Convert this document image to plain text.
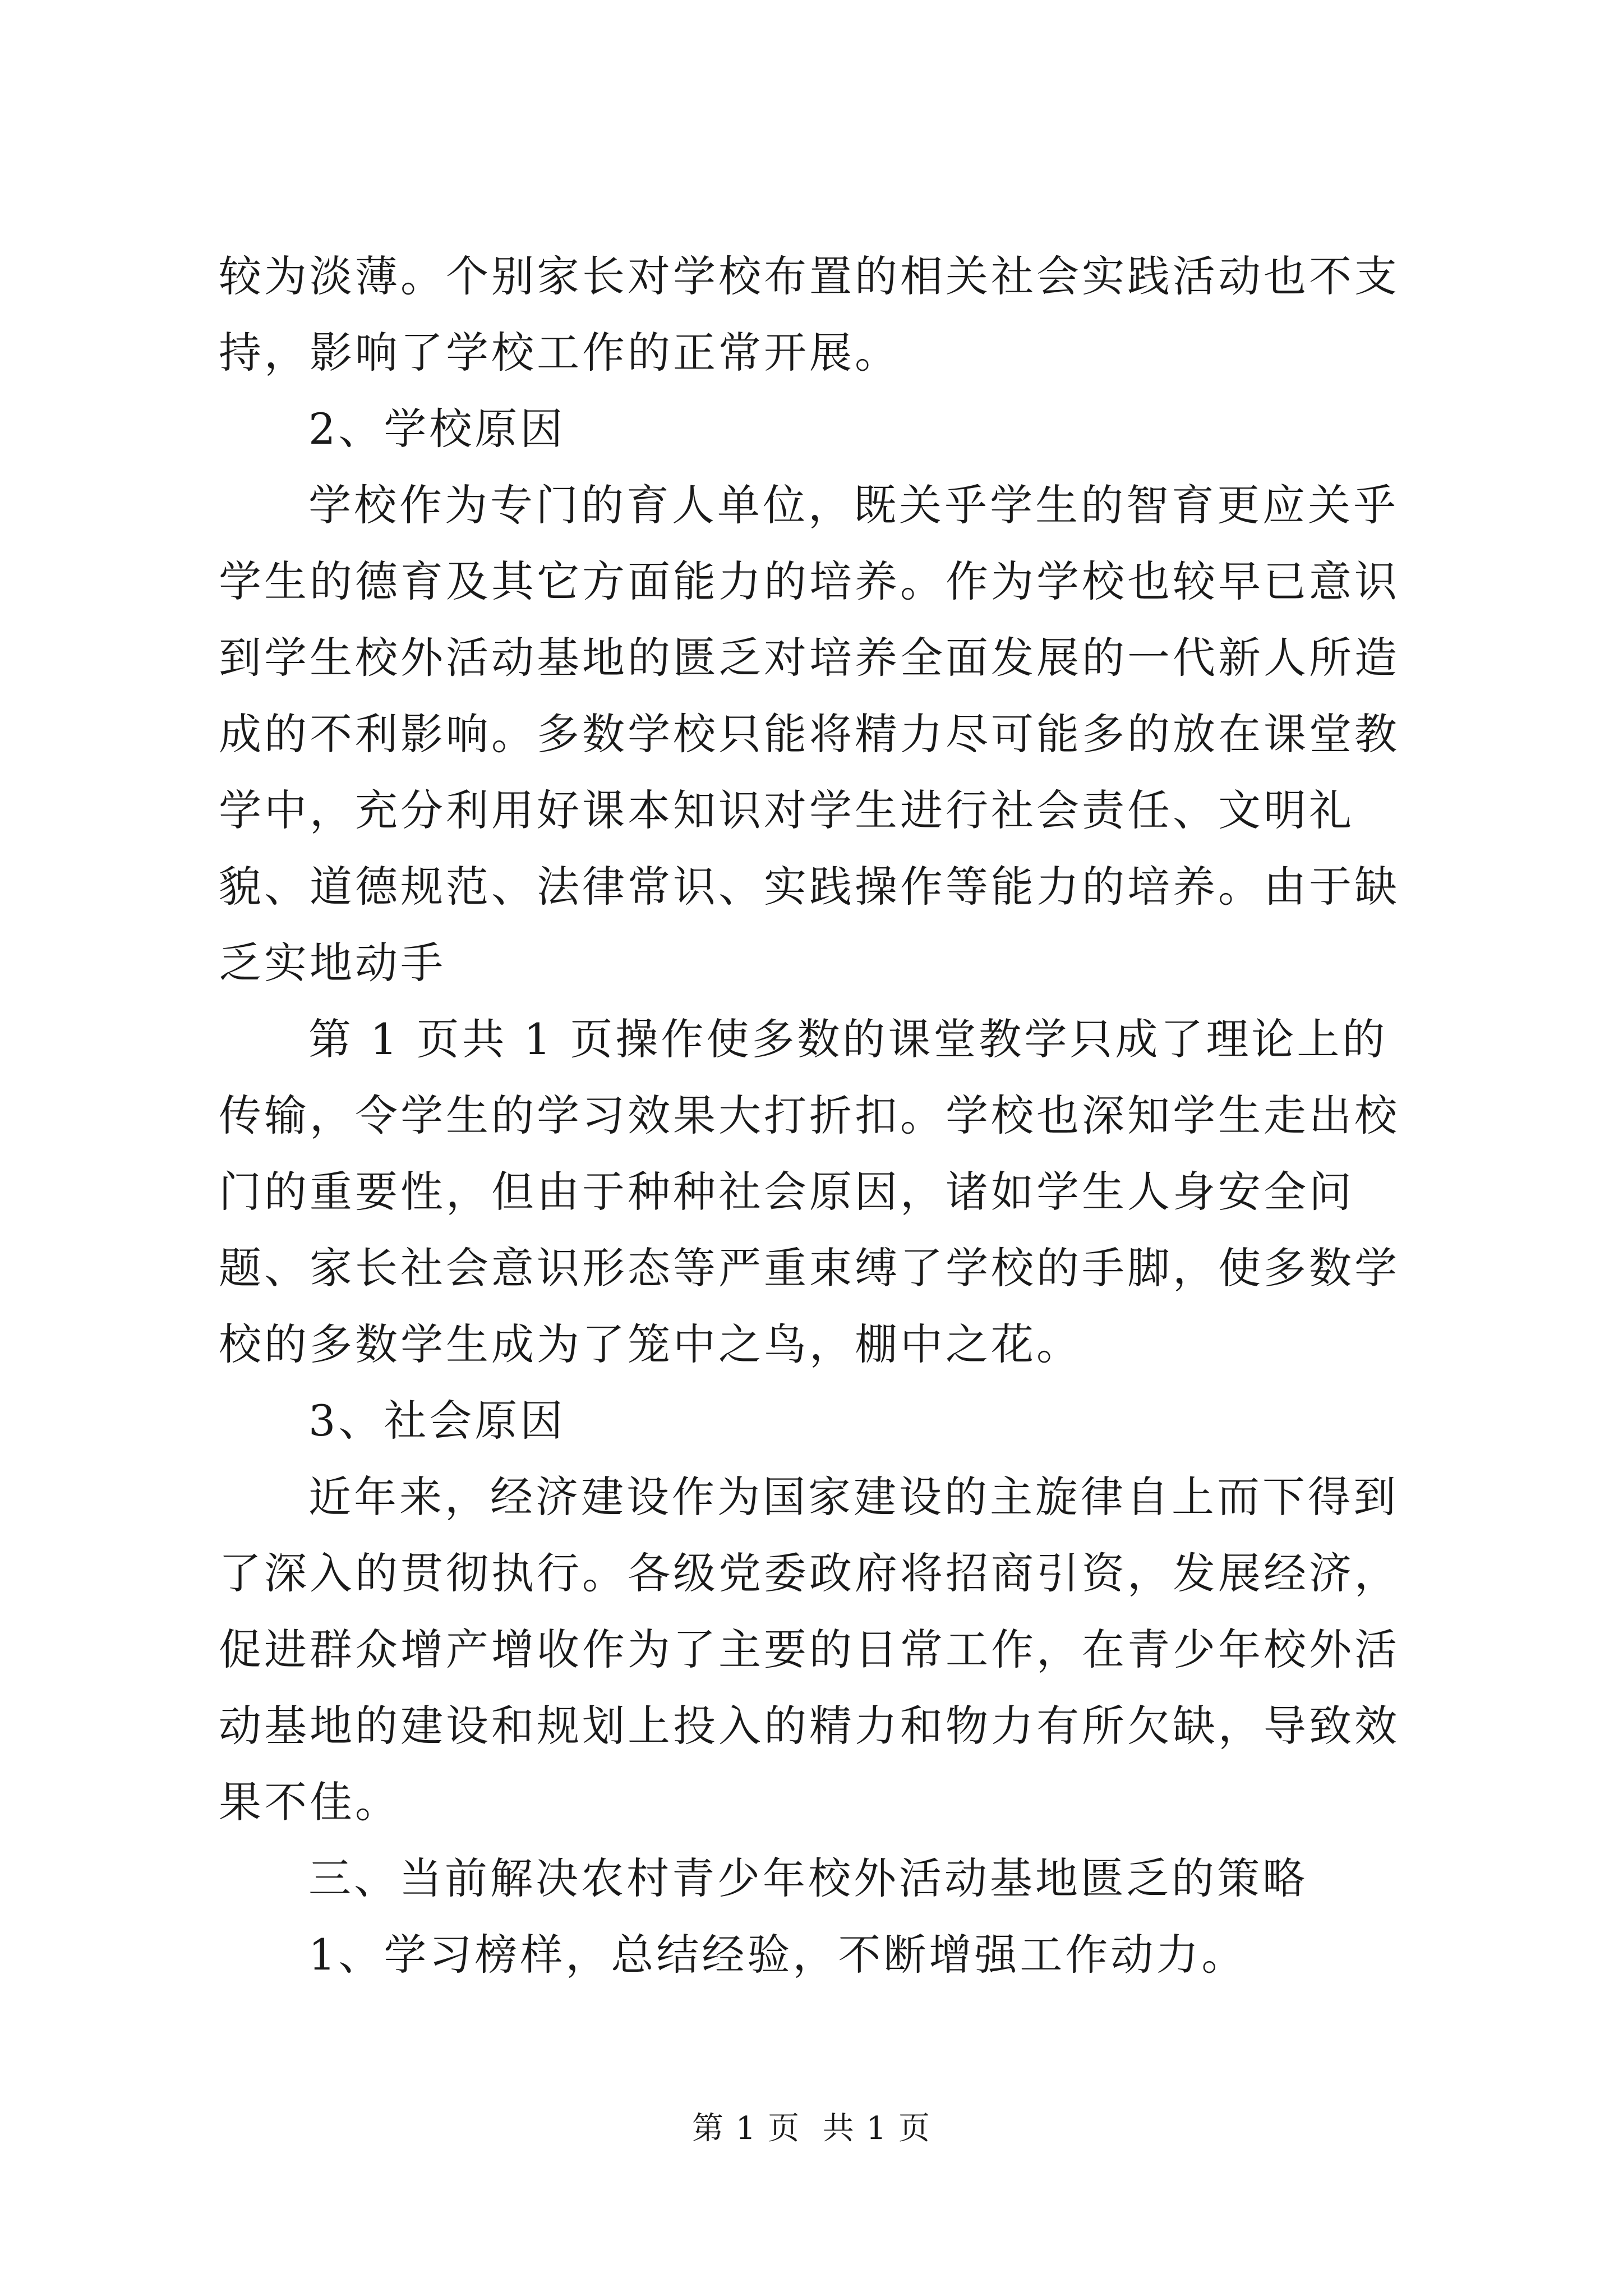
较为淡薄。个别家长对学校布置的相关社会实践活动也不支持，影响了学校工作的正常开展。

2、学校原因

学校作为专门的育人单位，既关乎学生的智育更应关乎学生的德育及其它方面能力的培养。作为学校也较早已意识到学生校外活动基地的匮乏对培养全面发展的一代新人所造成的不利影响。多数学校只能将精力尽可能多的放在课堂教学中，充分利用好课本知识对学生进行社会责任、文明礼貌、道德规范、法律常识、实践操作等能力的培养。由于缺乏实地动手

第 1 页共 1 页操作使多数的课堂教学只成了理论上的传输，令学生的学习效果大打折扣。学校也深知学生走出校门的重要性，但由于种种社会原因，诸如学生人身安全问题、家长社会意识形态等严重束缚了学校的手脚，使多数学校的多数学生成为了笼中之鸟，棚中之花。

3、社会原因

近年来，经济建设作为国家建设的主旋律自上而下得到了深入的贯彻执行。各级党委政府将招商引资，发展经济，促进群众增产增收作为了主要的日常工作，在青少年校外活动基地的建设和规划上投入的精力和物力有所欠缺，导致效果不佳。

三、当前解决农村青少年校外活动基地匮乏的策略

1、学习榜样，总结经验，不断增强工作动力。

第 1 页  共 1 页
